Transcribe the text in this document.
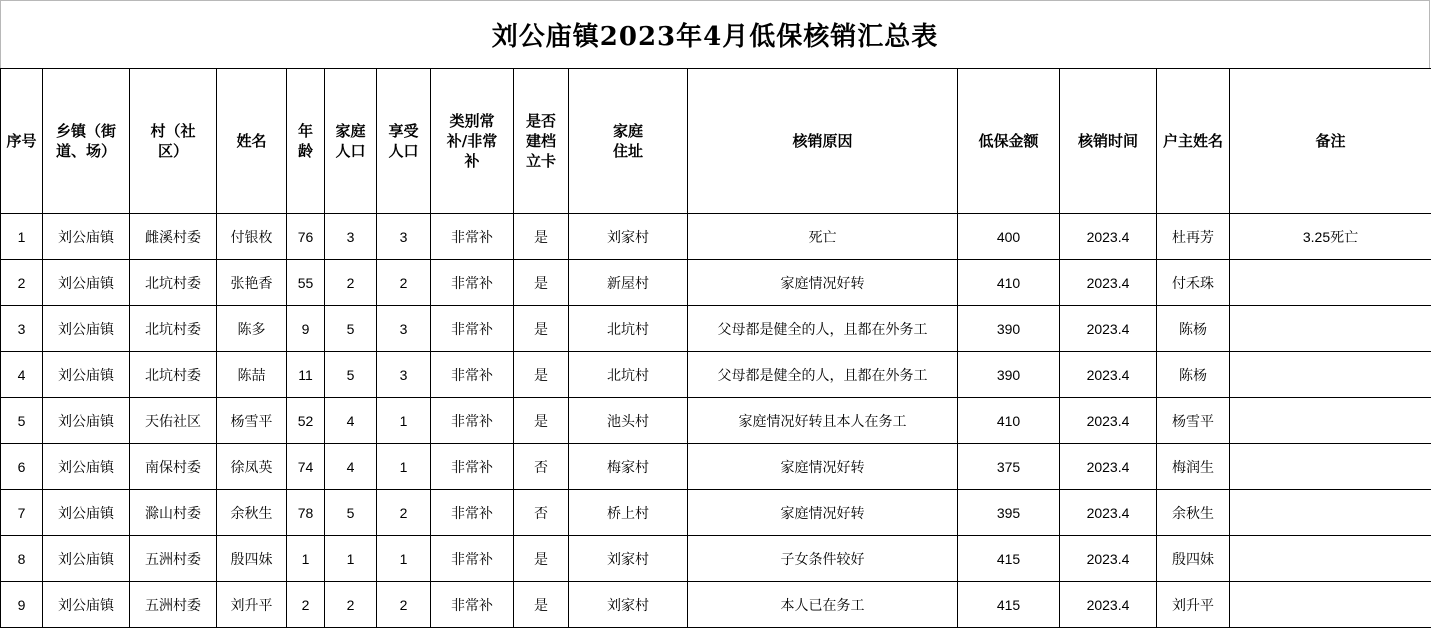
刘公庙镇2023年4月低保核销汇总表
序号	乡镇（街道、场）	村（社区）	姓名	年龄	家庭人口	享受人口	类别常补/非常补	是否建档立卡	家庭住址	核销原因	低保金额	核销时间	户主姓名	备注
1	刘公庙镇	雌溪村委	付银枚	76	3	3	非常补	是	刘家村	死亡	400	2023.4	杜再芳	3.25死亡
2	刘公庙镇	北坑村委	张艳香	55	2	2	非常补	是	新屋村	家庭情况好转	410	2023.4	付禾珠	
3	刘公庙镇	北坑村委	陈多	9	5	3	非常补	是	北坑村	父母都是健全的人，且都在外务工	390	2023.4	陈杨	
4	刘公庙镇	北坑村委	陈喆	11	5	3	非常补	是	北坑村	父母都是健全的人，且都在外务工	390	2023.4	陈杨	
5	刘公庙镇	天佑社区	杨雪平	52	4	1	非常补	是	池头村	家庭情况好转且本人在务工	410	2023.4	杨雪平	
6	刘公庙镇	南保村委	徐凤英	74	4	1	非常补	否	梅家村	家庭情况好转	375	2023.4	梅润生	
7	刘公庙镇	滁山村委	余秋生	78	5	2	非常补	否	桥上村	家庭情况好转	395	2023.4	余秋生	
8	刘公庙镇	五洲村委	殷四妹	1	1	1	非常补	是	刘家村	子女条件较好	415	2023.4	殷四妹	
9	刘公庙镇	五洲村委	刘升平	2	2	2	非常补	是	刘家村	本人已在务工	415	2023.4	刘升平	
